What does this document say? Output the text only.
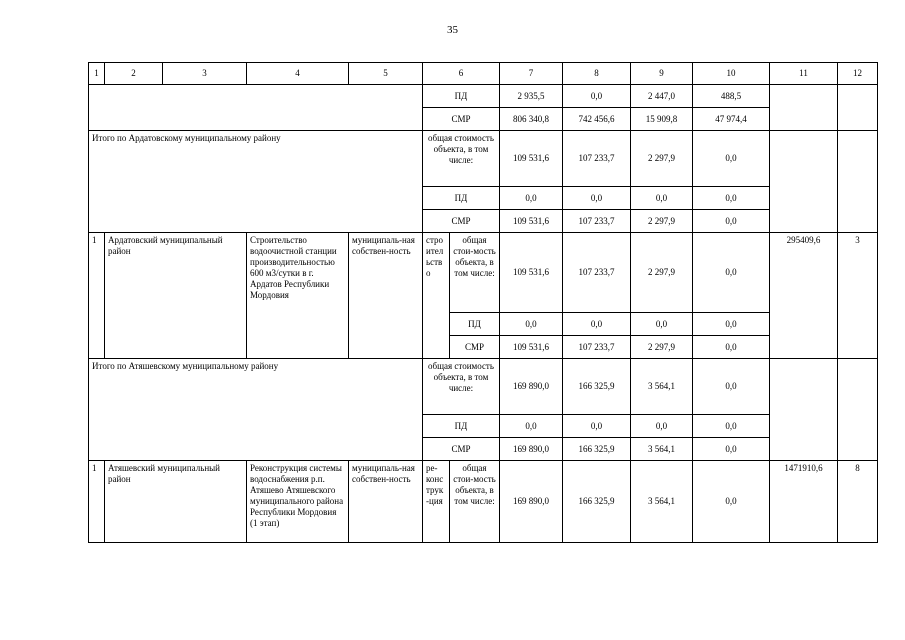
35
1	2	3	4	5	6		7	8	9	10	11	12
					ПД		2 935,5	0,0	2 447,0	488,5		
					СМР		806 340,8	742 456,6	15 909,8	47 974,4		
Итого по Ардатовскому муниципальному району					общая стоимость объекта, в том числе:		109 531,6	107 233,7	2 297,9	0,0		
					ПД		0,0	0,0	0,0	0,0		
					СМР		109 531,6	107 233,7	2 297,9	0,0		
1	Ардатовский муниципальный район		Строительство водоочистной станции производительностью 600 м3/сутки в г. Ардатов Республики Мордовия	муниципаль-ная собствен-ность	стро ител ьств о	общая стои-мость объекта, в том числе:	109 531,6	107 233,7	2 297,9	0,0	295409,6	3
						ПД	0,0	0,0	0,0	0,0		
						СМР	109 531,6	107 233,7	2 297,9	0,0		
Итого по Атяшевскому муниципальному району					общая стоимость объекта, в том числе:		169 890,0	166 325,9	3 564,1	0,0		
					ПД		0,0	0,0	0,0	0,0		
					СМР		169 890,0	166 325,9	3 564,1	0,0		
1	Атяшевский муниципальный район		Реконструкция системы водоснабжения р.п. Атяшево Атяшевского муниципального района Республики Мордовия (1 этап)	муниципаль-ная собствен-ность	ре-конс трук -ция	общая стои-мость объекта, в том числе:	169 890,0	166 325,9	3 564,1	0,0	1471910,6	8
